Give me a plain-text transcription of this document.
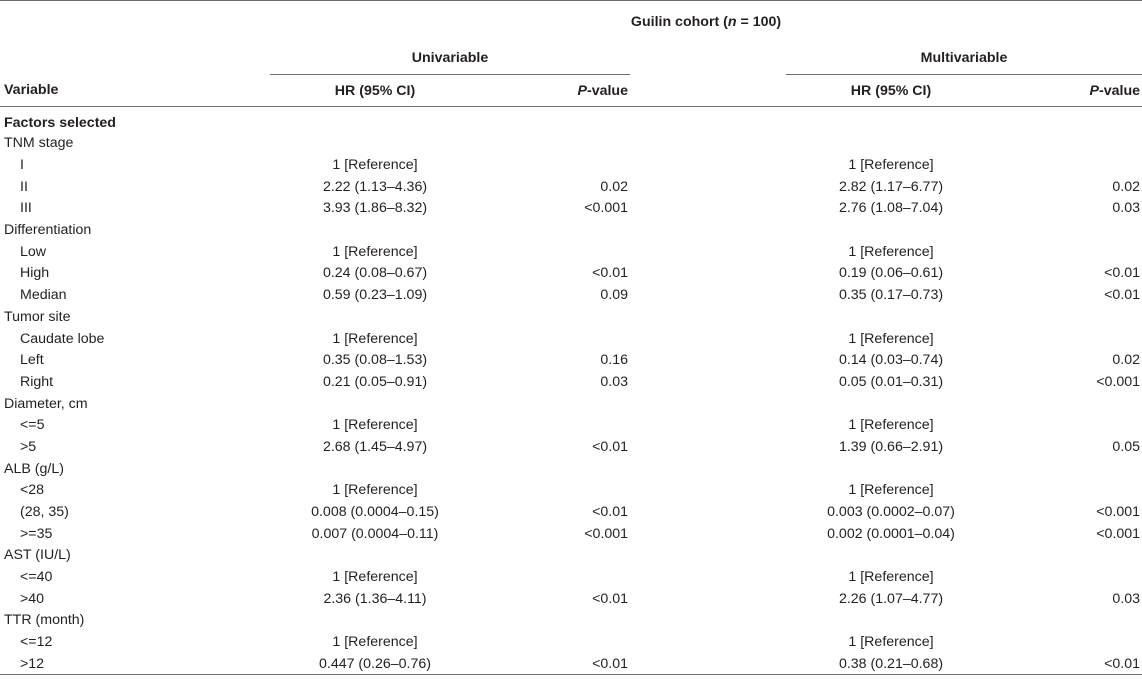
	Guilin cohort (n = 100)				
	Univariable			Multivariable	
Variable	HR (95% CI)	P-value		HR (95% CI)	P-value
Factors selected					
TNM stage					
I	1 [Reference]			1 [Reference]	
II	2.22 (1.13–4.36)	0.02		2.82 (1.17–6.77)	0.02
III	3.93 (1.86–8.32)	<0.001		2.76 (1.08–7.04)	0.03
Differentiation					
Low	1 [Reference]			1 [Reference]	
High	0.24 (0.08–0.67)	<0.01		0.19 (0.06–0.61)	<0.01
Median	0.59 (0.23–1.09)	0.09		0.35 (0.17–0.73)	<0.01
Tumor site					
Caudate lobe	1 [Reference]			1 [Reference]	
Left	0.35 (0.08–1.53)	0.16		0.14 (0.03–0.74)	0.02
Right	0.21 (0.05–0.91)	0.03		0.05 (0.01–0.31)	<0.001
Diameter, cm					
<=5	1 [Reference]			1 [Reference]	
>5	2.68 (1.45–4.97)	<0.01		1.39 (0.66–2.91)	0.05
ALB (g/L)					
<28	1 [Reference]			1 [Reference]	
(28, 35)	0.008 (0.0004–0.15)	<0.01		0.003 (0.0002–0.07)	<0.001
>=35	0.007 (0.0004–0.11)	<0.001		0.002 (0.0001–0.04)	<0.001
AST (IU/L)					
<=40	1 [Reference]			1 [Reference]	
>40	2.36 (1.36–4.11)	<0.01		2.26 (1.07–4.77)	0.03
TTR (month)					
<=12	1 [Reference]			1 [Reference]	
>12	0.447 (0.26–0.76)	<0.01		0.38 (0.21–0.68)	<0.01
